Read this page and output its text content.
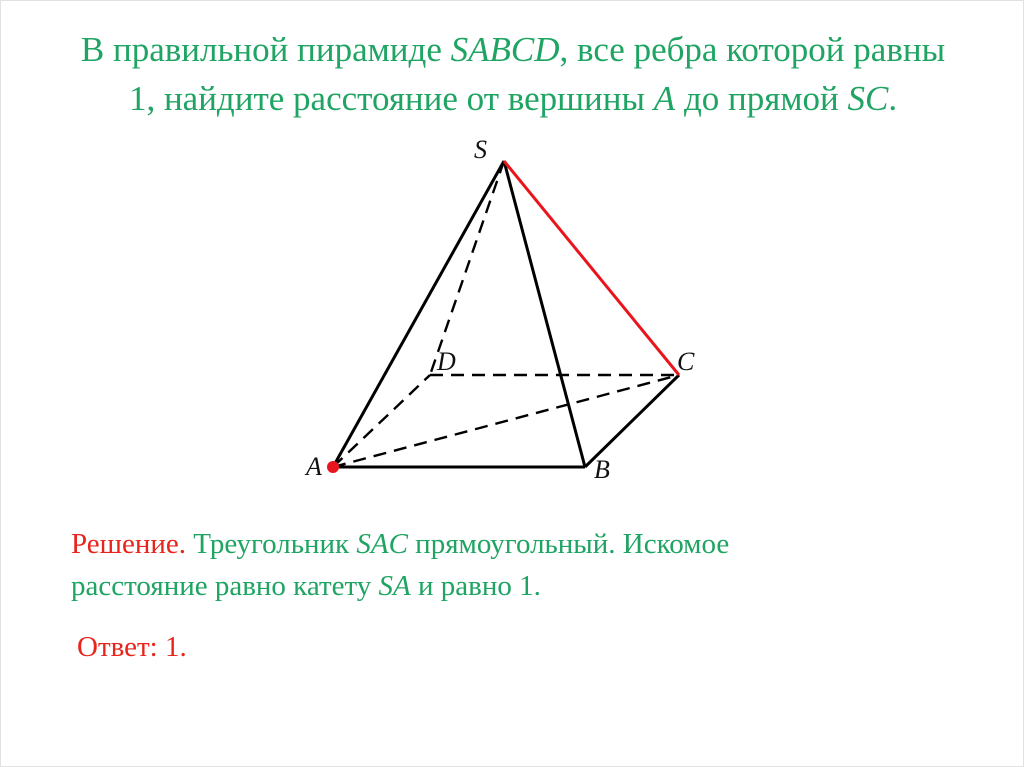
В правильной пирамиде SABCD, все ребра которой равны
1, найдите расстояние от вершины A до прямой SC.

S
D	C
A	B

Решение. Треугольник SAC прямоугольный. Искомое
расстояние равно катету SA и равно 1.

Ответ: 1.
